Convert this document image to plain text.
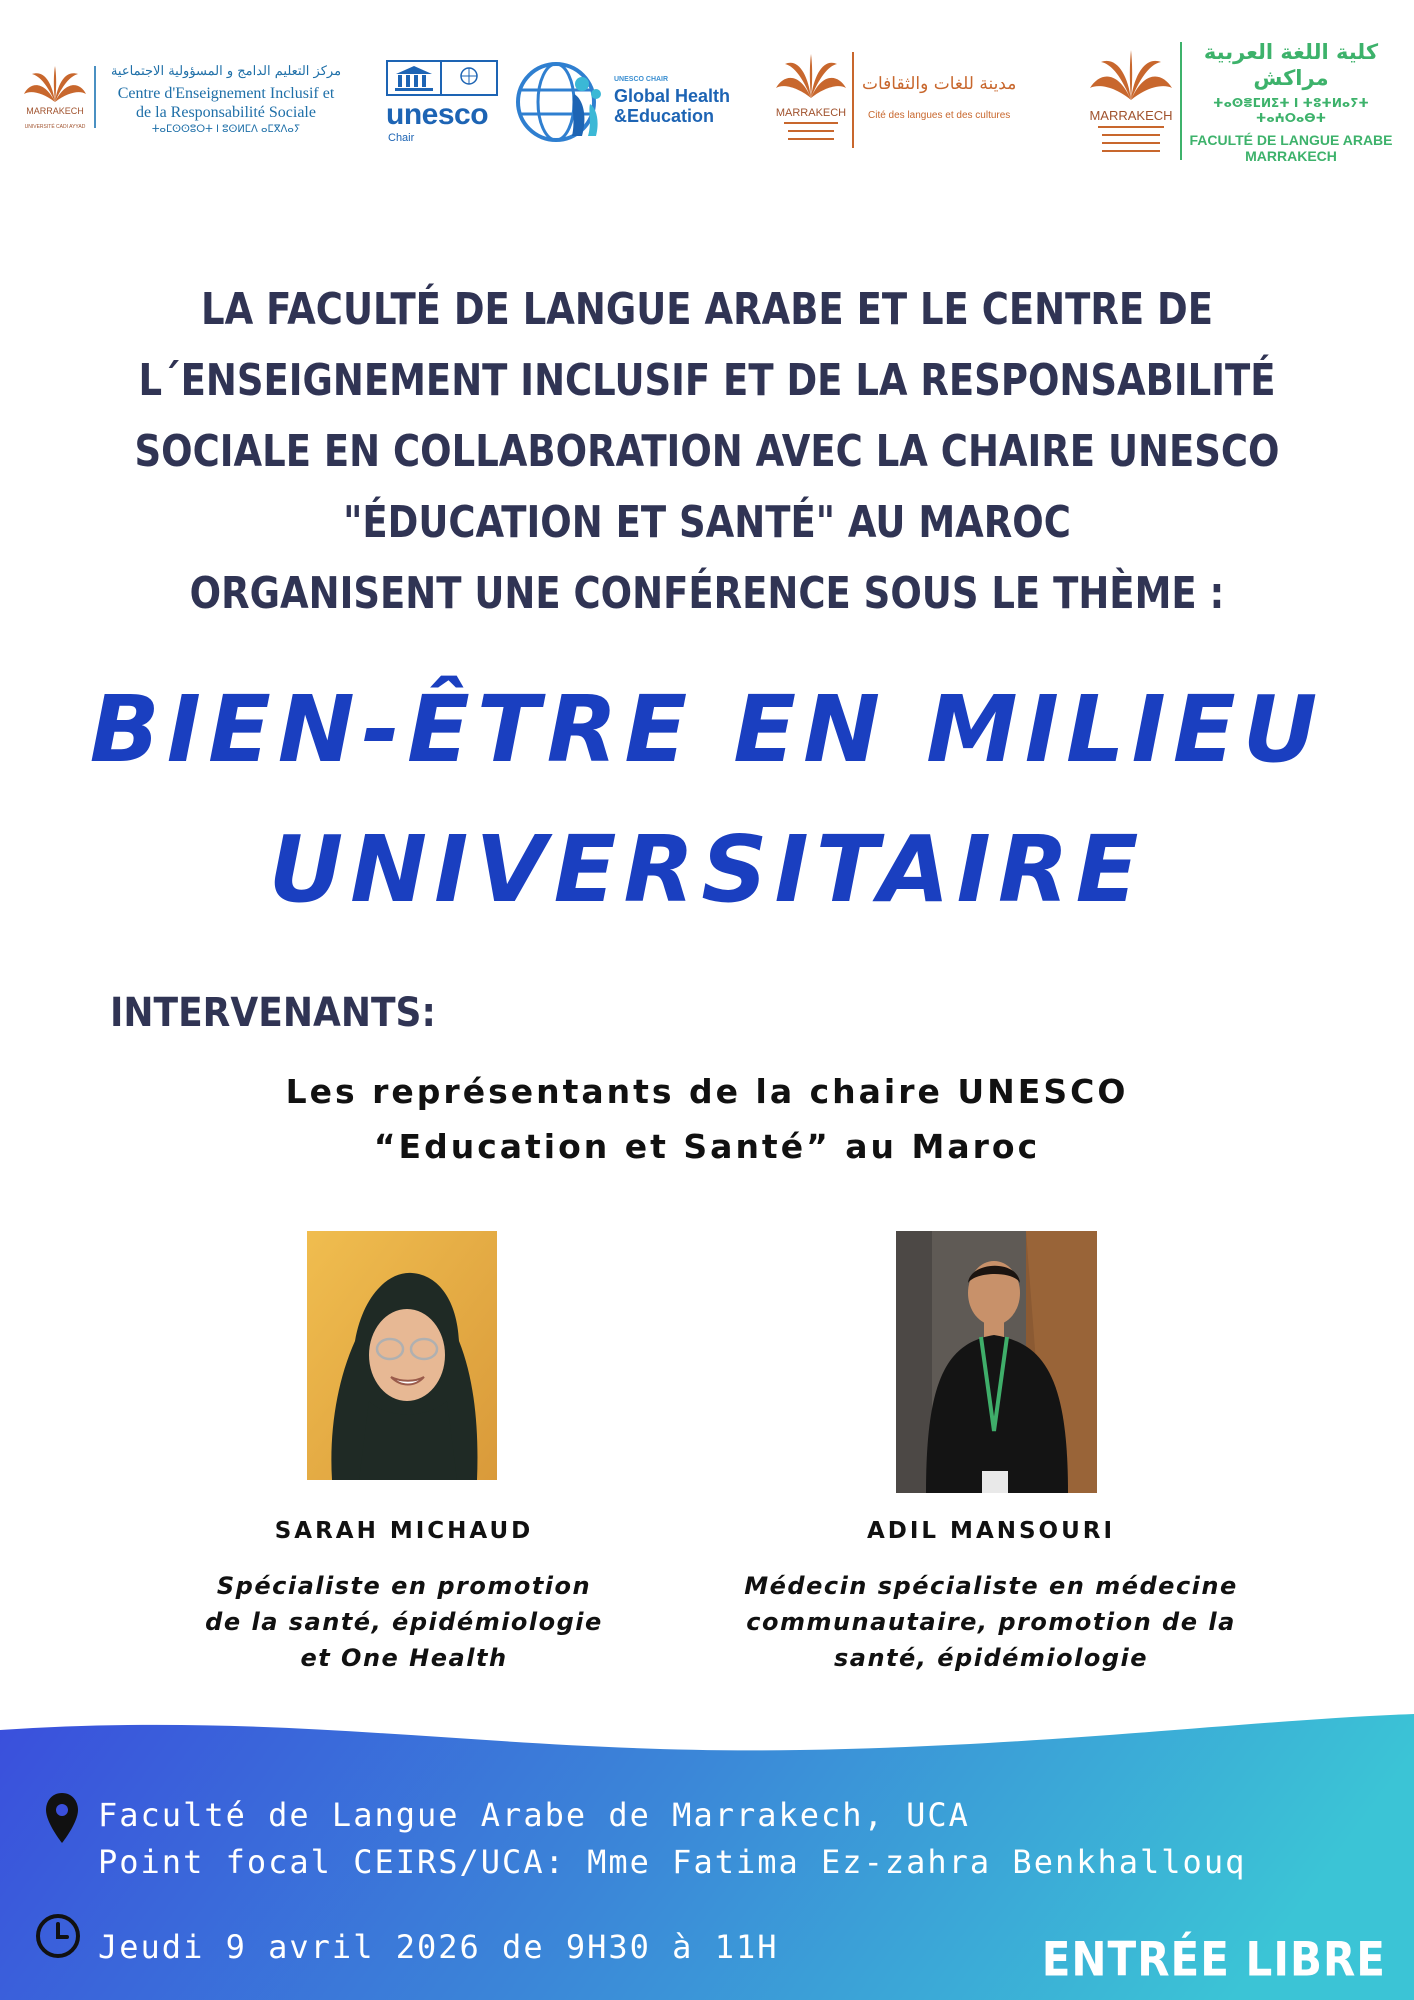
MARRAKECH
UNIVERSITÉ CADI AYYAD
مركز التعليم الدامج و المسؤولية الاجتماعية
Centre d'Enseignement Inclusif et
de la Responsabilité Sociale
ⵜⴰⵎⵙⵙⵓⵔⵜ ⵏ ⵓⵙⵍⵎⴷ ⴰⵎⴳⴷⴰⵢ	unesco
Chair
UNESCO CHAIR
Global Health
&Education	MARRAKECH
مدينة للغات والثقافات
Cité des langues et des cultures	MARRAKECH
كلية اللغة العربية
مراكش
ⵜⴰⵙⴻⵎⵍⵉⵜ ⵏ ⵜⵓⵜⵍⴰⵢⵜ ⵜⴰⵄⵔⴰⴱⵜ
FACULTÉ DE LANGUE ARABE
MARRAKECH
LA FACULTÉ DE LANGUE ARABE ET LE CENTRE DE
L´ENSEIGNEMENT INCLUSIF ET DE LA RESPONSABILITÉ
SOCIALE EN COLLABORATION AVEC LA CHAIRE UNESCO
"ÉDUCATION ET SANTÉ" AU MAROC
ORGANISENT UNE CONFÉRENCE SOUS LE THÈME :
BIEN-ÊTRE EN MILIEU
UNIVERSITAIRE
INTERVENANTS:
Les représentants de la chaire UNESCO
“Education et Santé” au Maroc
SARAH MICHAUD	ADIL MANSOURI
Spécialiste en promotion
de la santé, épidémiologie
et One Health
Médecin spécialiste en médecine
communautaire, promotion de la
santé, épidémiologie
Faculté de Langue Arabe de Marrakech, UCA
Point focal CEIRS/UCA: Mme Fatima Ez-zahra Benkhallouq
Jeudi 9 avril 2026 de 9H30 à 11H	ENTRÉE LIBRE
